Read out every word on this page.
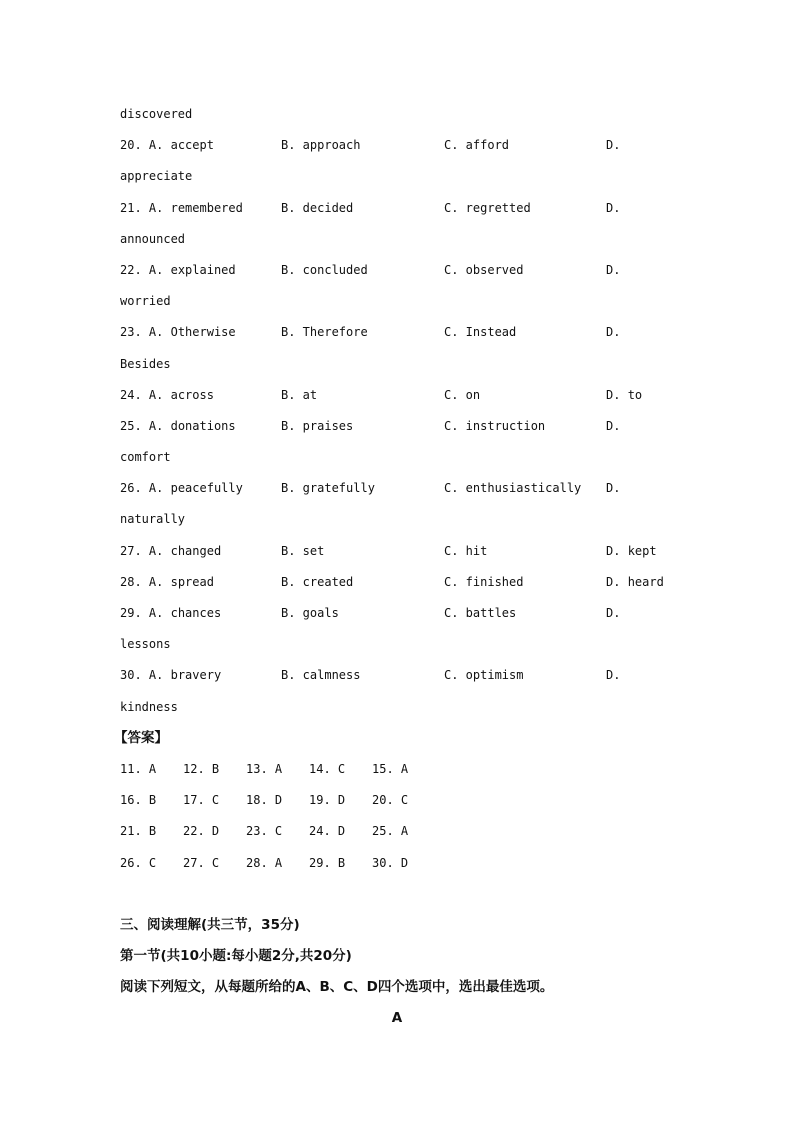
discovered
20. A. accept	B. approach	C. afford	D.
appreciate
21. A. remembered	B. decided	C. regretted	D.
announced
22. A. explained	B. concluded	C. observed	D.
worried
23. A. Otherwise	B. Therefore	C. Instead	D.
Besides
24. A. across	B. at	C. on	D. to
25. A. donations	B. praises	C. instruction	D.
comfort
26. A. peacefully	B. gratefully	C. enthusiastically D.
naturally
27. A. changed	B. set	C. hit	D. kept
28. A. spread	B. created	C. finished	D. heard
29. A. chances	B. goals	C. battles	D.
lessons
30. A. bravery	B. calmness	C. optimism	D.
kindness
【答案】
11. A 12. B 13. A 14. C 15. A
16. B 17. C 18. D 19. D 20. C
21. B 22. D 23. C 24. D 25. A
26. C 27. C 28. A 29. B 30. D
三、阅读理解(共三节，35分)
第一节(共10小题:每小题2分,共20分)
阅读下列短文，从每题所给的A、B、C、D四个选项中，选出最佳选项。
A
